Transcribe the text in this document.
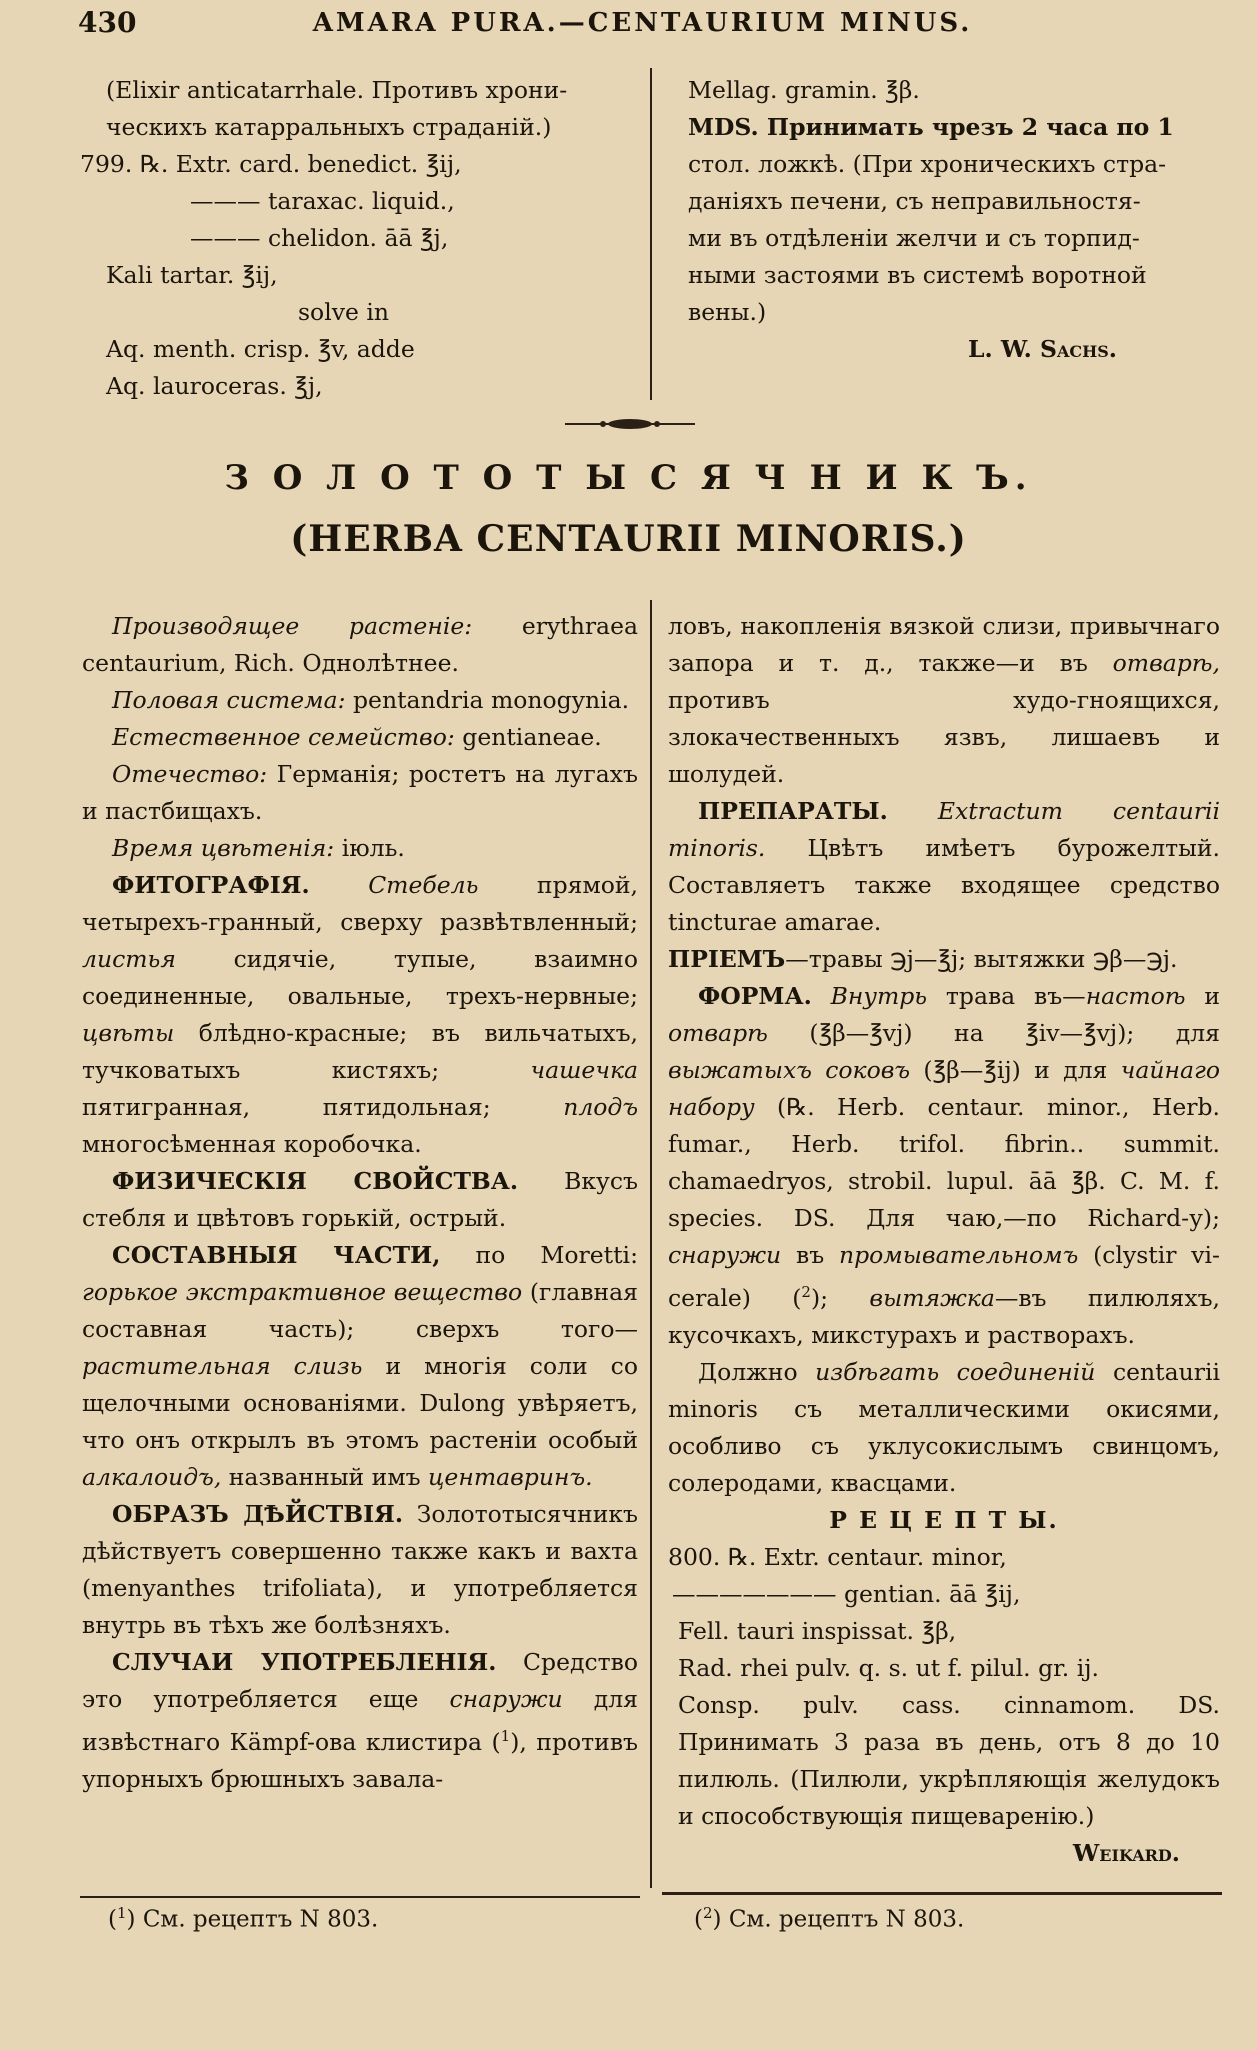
430	AMARA PURA.—CENTAURIUM MINUS.

(Elixir anticatarrhale. Противъ хрони-

ческихъ катарральныхъ страданій.)

799. ℞. Extr. card. benedict. ℥ij,

——— taraxac. liquid.,

——— chelidon. āā ℥j,

Kali tartar. ℥ij,

solve in

Aq. menth. crisp. ℥v, adde

Aq. lauroceras. ℥j,

Mellag. gramin. ℥β.

MDS. Принимать чрезъ 2 часа по 1

стол. ложкѣ. (При хроническихъ стра-

даніяхъ печени, съ неправильностя-

ми въ отдѣленіи желчи и съ торпид-

ными застоями въ системѣ воротной

вены.)

L. W. Sachs.

З О Л О Т О Т Ы С Я Ч Н И К Ъ.
(HERBA CENTAURII MINORIS.)

Производящее растеніе: erythraea centaurium, Rich. Однолѣтнее.

Половая система: pentandria monogynia.

Естественное семейство: gentianeae.

Отечество: Германія; ростетъ на лугахъ и пастбищахъ.

Время цвѣтенія: іюль.

ФИТОГРАФІЯ. Стебель прямой, четырехъ-гранный, сверху развѣтвленный; листья сидячіе, тупые, взаимно соединенные, овальные, трехъ-нервные; цвѣты блѣдно-красные; въ вильчатыхъ, тучковатыхъ кистяхъ; чашечка пятигранная, пятидольная; плодъ многосѣменная коробочка.

ФИЗИЧЕСКІЯ СВОЙСТВА. Вкусъ стебля и цвѣтовъ горькій, острый.

СОСТАВНЫЯ ЧАСТИ, по Moretti: горькое экстрактивное вещество (главная составная часть); сверхъ того—растительная слизь и многія соли со щелочными основаніями. Dulong увѣряетъ, что онъ открылъ въ этомъ растеніи особый алкалоидъ, названный имъ центавринъ.

ОБРАЗЪ ДѢЙСТВІЯ. Золототысячникъ дѣйствуетъ совершенно также какъ и вахта (menyanthes trifoliata), и употребляется внутрь въ тѣхъ же болѣзняхъ.

СЛУЧАИ УПОТРЕБЛЕНІЯ. Средство это употребляется еще снаружи для извѣстнаго Кämpf-ова клистира ($^1$), противъ упорныхъ брюшныхъ завала-

ловъ, накопленія вязкой слизи, привычнаго запора и т. д., также—и въ отварѣ, противъ худо-гноящихся, злокачественныхъ язвъ, лишаевъ и шолудей.

ПРЕПАРАТЫ. Extractum centaurii minoris. Цвѣтъ имѣетъ бурожелтый. Составляетъ также входящее средство tincturae amarae.

ПРІЕМЪ—травы ℈j—℥j; вытяжки ℈β—℈j.

ФОРМА. Внутрь трава въ—настоѣ и отварѣ (℥β—℥vj) на ℥iv—℥vj); для выжатыхъ соковъ (℥β—℥ij) и для чайнаго набору (℞. Herb. centaur. minor., Herb. fumar., Herb. trifol. fibrin.. summit. chamaedryos, strobil. lupul. āā ℥β. C. M. f. species. DS. Для чаю,—по Richard-у); снаружи въ промывательномъ (clystir vi-cerale) ($^2$); вытяжка—въ пилюляхъ, кусочкахъ, микстурахъ и растворахъ.

Должно избѣгать соединеній centaurii minoris съ металлическими окисями, особливо съ уклусокислымъ свинцомъ, солеродами, квасцами.

Р Е Ц Е П Т Ы.

800. ℞. Extr. centaur. minor,

——————— gentian. āā ℥ij,

Fell. tauri inspissat. ℥β,

Rad. rhei pulv. q. s. ut f. pilul. gr. ij.

Consp. pulv. cass. cinnamom. DS. Принимать 3 раза въ день, отъ 8 до 10 пилюль. (Пилюли, укрѣпляющія желудокъ и способствующія пищеваренію.)

Weikard.

($^1$) См. рецептъ N 803.	($^2$) См. рецептъ N 803.
